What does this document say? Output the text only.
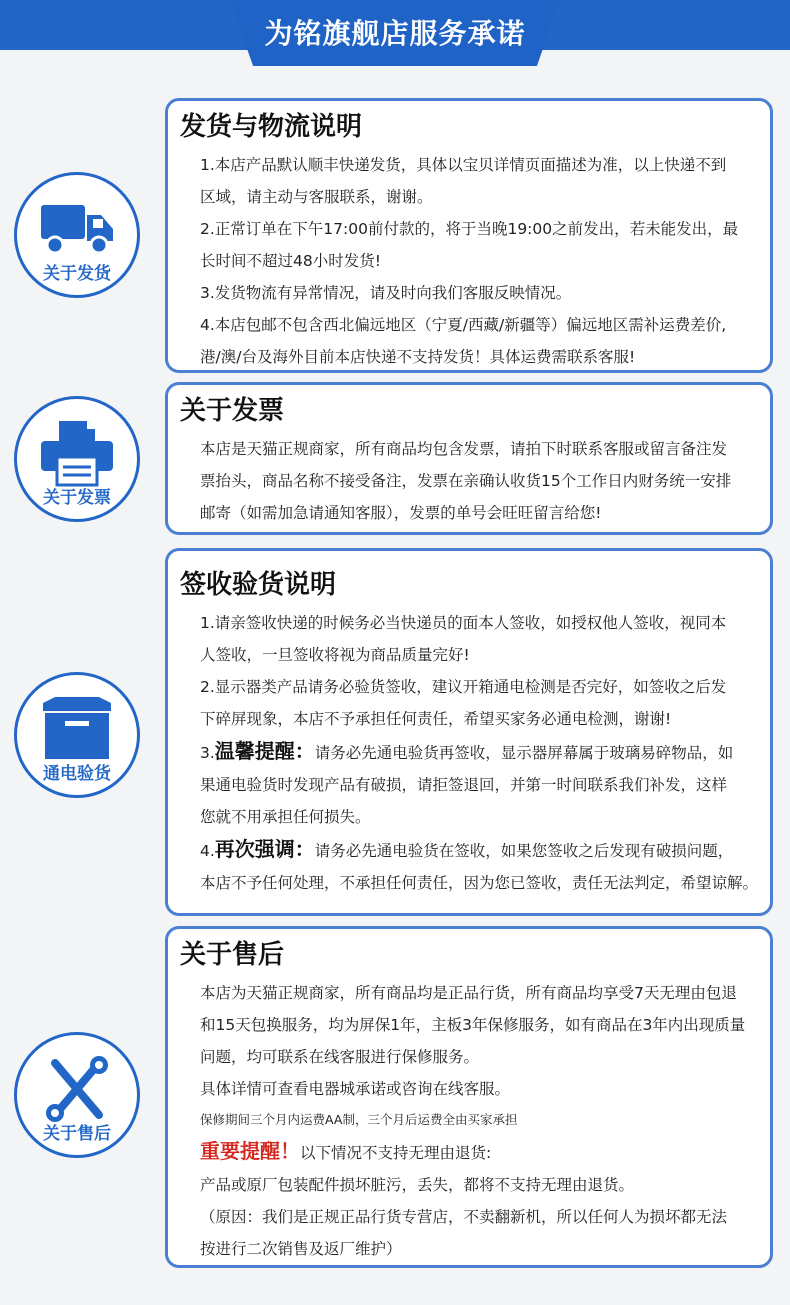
为铭旗舰店服务承诺
关于发货
发货与物流说明
1.本店产品默认顺丰快递发货，具体以宝贝详情页面描述为准，以上快递不到
区域，请主动与客服联系，谢谢。
2.正常订单在下午17:00前付款的，将于当晚19:00之前发出，若未能发出，最
长时间不超过48小时发货!
3.发货物流有异常情况，请及时向我们客服反映情况。
4.本店包邮不包含西北偏远地区（宁夏/西藏/新疆等）偏远地区需补运费差价,
港/澳/台及海外目前本店快递不支持发货！具体运费需联系客服!
关于发票
关于发票
本店是天猫正规商家，所有商品均包含发票，请拍下时联系客服或留言备注发
票抬头，商品名称不接受备注，发票在亲确认收货15个工作日内财务统一安排
邮寄（如需加急请通知客服），发票的单号会旺旺留言给您!
通电验货
签收验货说明
1.请亲签收快递的时候务必当快递员的面本人签收，如授权他人签收，视同本
人签收，一旦签收将视为商品质量完好!
2.显示器类产品请务必验货签收，建议开箱通电检测是否完好，如签收之后发
下碎屏现象，本店不予承担任何责任，希望买家务必通电检测，谢谢!
3.温馨提醒：请务必先通电验货再签收，显示器屏幕属于玻璃易碎物品，如
果通电验货时发现产品有破损，请拒签退回，并第一时间联系我们补发，这样
您就不用承担任何损失。
4.再次强调：请务必先通电验货在签收，如果您签收之后发现有破损问题，
本店不予任何处理，不承担任何责任，因为您已签收，责任无法判定，希望谅解。
关于售后
关于售后
本店为天猫正规商家，所有商品均是正品行货，所有商品均享受7天无理由包退
和15天包换服务，均为屏保1年，主板3年保修服务，如有商品在3年内出现质量
问题，均可联系在线客服进行保修服务。
具体详情可查看电器城承诺或咨询在线客服。
保修期间三个月内运费AA制，三个月后运费全由买家承担
重要提醒！以下情况不支持无理由退货:
产品或原厂包装配件损坏脏污，丢失，都将不支持无理由退货。
（原因：我们是正规正品行货专营店，不卖翻新机，所以任何人为损坏都无法
按进行二次销售及返厂维护）
